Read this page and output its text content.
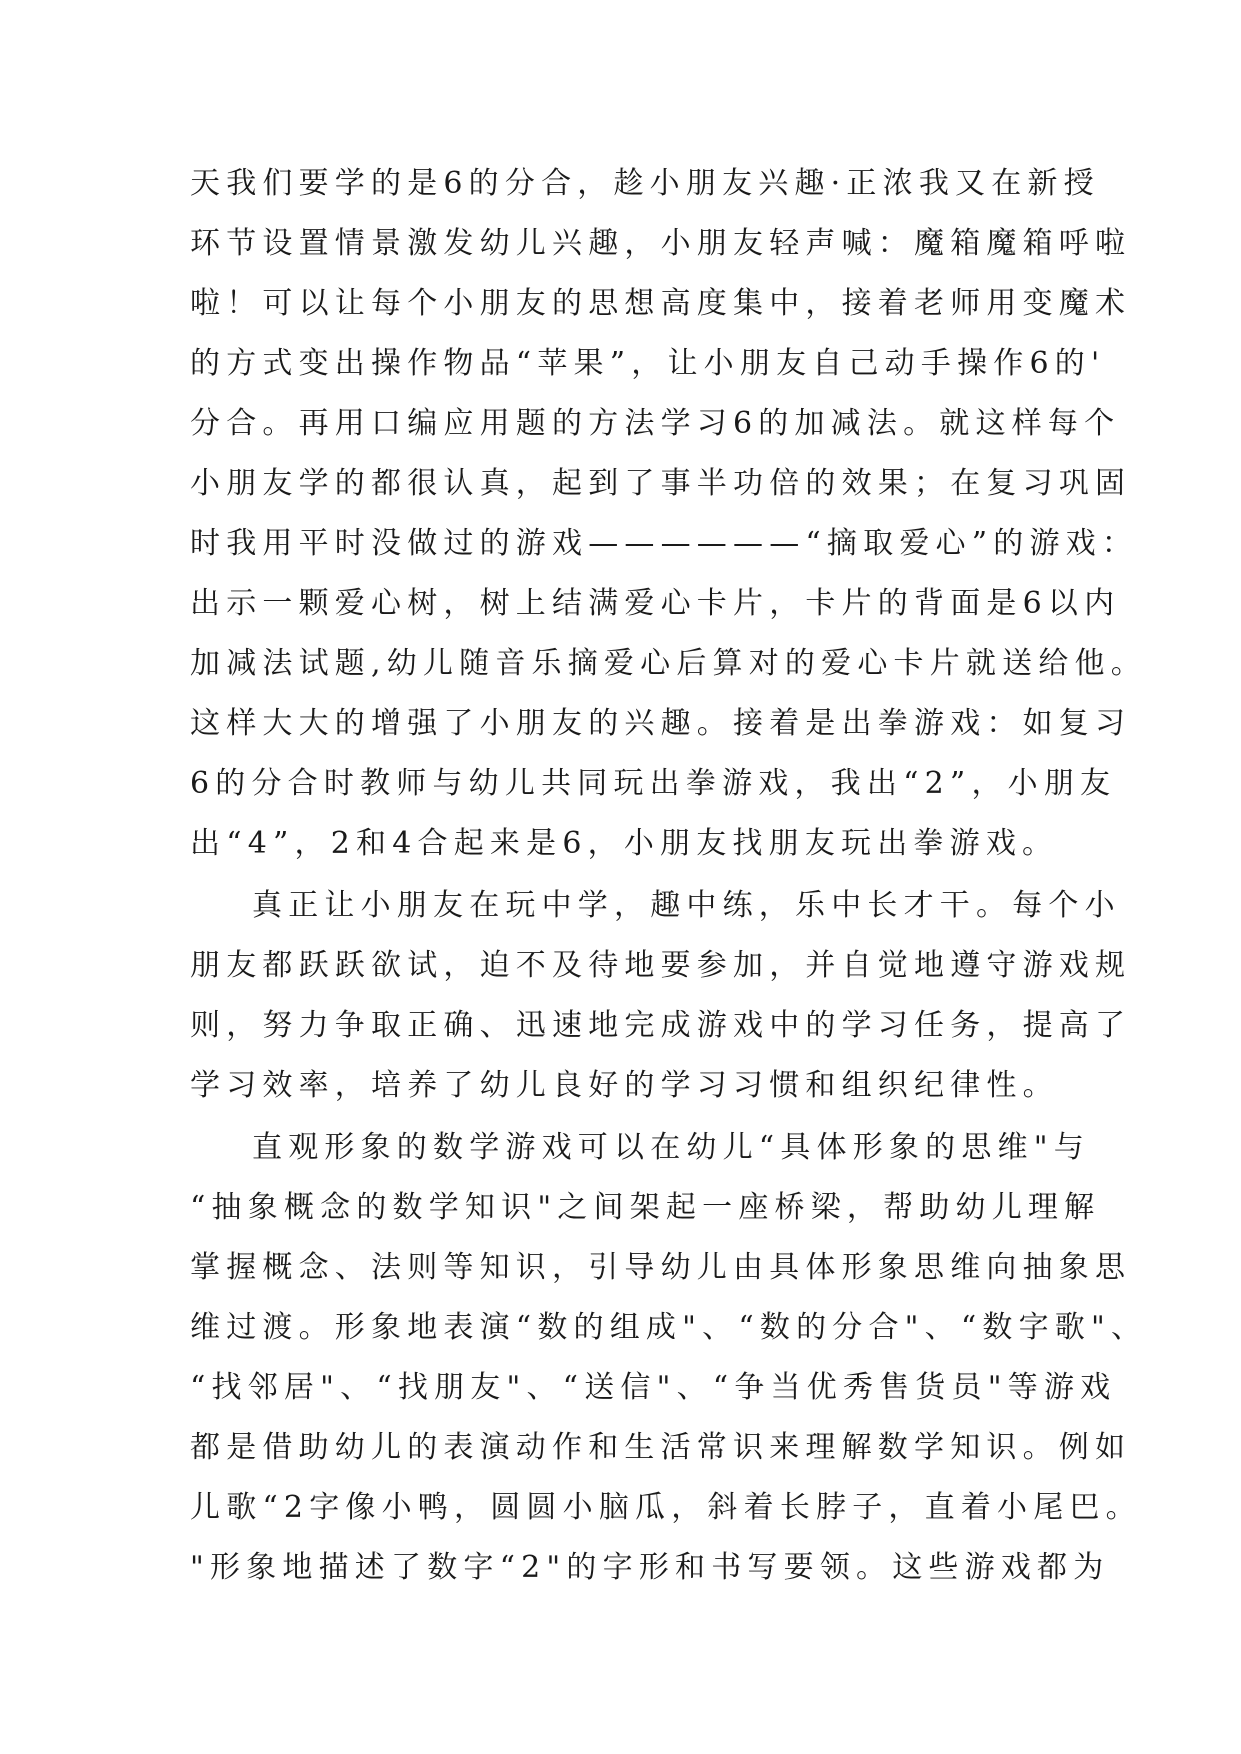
天我们要学的是6的分合，趁小朋友兴趣·正浓我又在新授
环节设置情景激发幼儿兴趣，小朋友轻声喊：魔箱魔箱呼啦
啦！可以让每个小朋友的思想高度集中，接着老师用变魔术
的方式变出操作物品“苹果”，让小朋友自己动手操作6的'
分合。再用口编应用题的方法学习6的加减法。就这样每个
小朋友学的都很认真，起到了事半功倍的效果；在复习巩固
时我用平时没做过的游戏——————“摘取爱心”的游戏：
出示一颗爱心树，树上结满爱心卡片，卡片的背面是6以内
加减法试题,幼儿随音乐摘爱心后算对的爱心卡片就送给他。
这样大大的增强了小朋友的兴趣。接着是出拳游戏：如复习
6的分合时教师与幼儿共同玩出拳游戏，我出“2”，小朋友
出“4”，2和4合起来是6，小朋友找朋友玩出拳游戏。
真正让小朋友在玩中学，趣中练，乐中长才干。每个小
朋友都跃跃欲试，迫不及待地要参加，并自觉地遵守游戏规
则，努力争取正确、迅速地完成游戏中的学习任务，提高了
学习效率，培养了幼儿良好的学习习惯和组织纪律性。
直观形象的数学游戏可以在幼儿“具体形象的思维"与
“抽象概念的数学知识"之间架起一座桥梁，帮助幼儿理解
掌握概念、法则等知识，引导幼儿由具体形象思维向抽象思
维过渡。形象地表演“数的组成"、“数的分合"、“数字歌"、
“找邻居"、“找朋友"、“送信"、“争当优秀售货员"等游戏
都是借助幼儿的表演动作和生活常识来理解数学知识。例如
儿歌“2字像小鸭，圆圆小脑瓜，斜着长脖子，直着小尾巴。
"形象地描述了数字“2"的字形和书写要领。这些游戏都为
